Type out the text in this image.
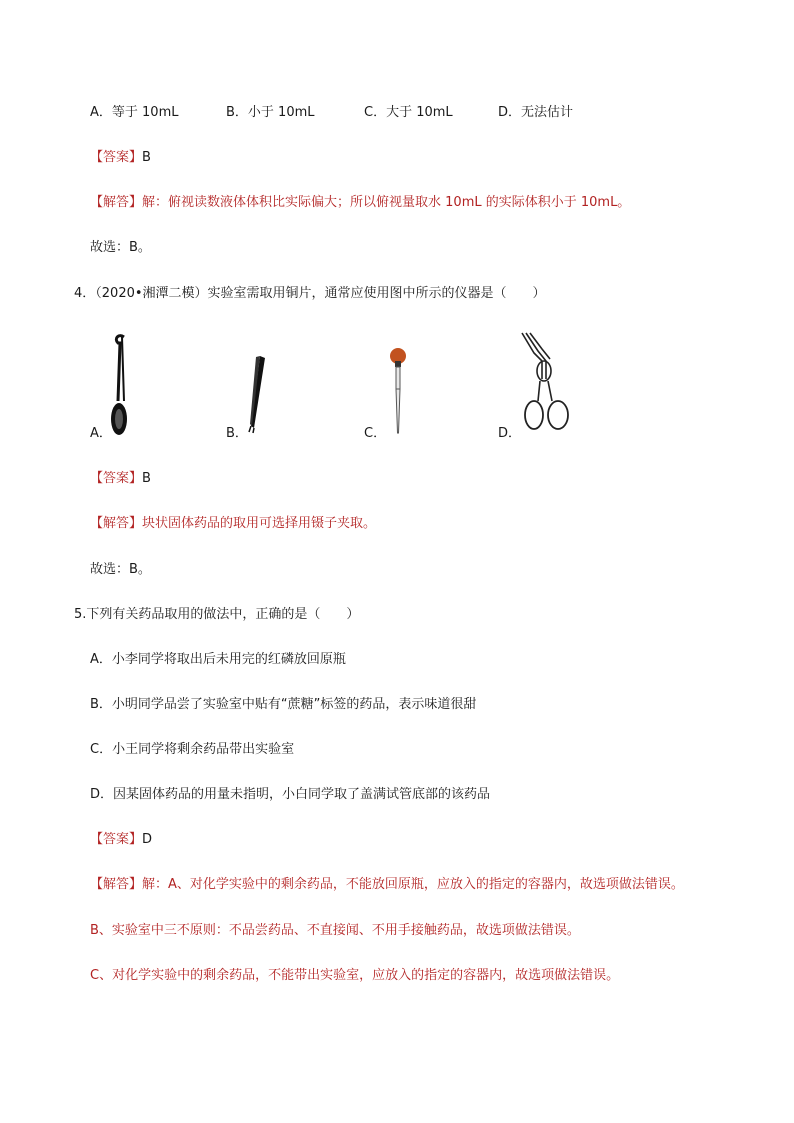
A．等于 10mL	B．小于 10mL	C．大于 10mL	D．无法估计
【答案】B
【解答】解：俯视读数液体体积比实际偏大；所以俯视量取水 10mL 的实际体积小于 10mL。
故选：B。
4．（2020•湘潭二模）实验室需取用铜片，通常应使用图中所示的仪器是（　　）
A．	B．	C．	D．
【答案】B
【解答】块状固体药品的取用可选择用镊子夹取。
故选：B。
5.下列有关药品取用的做法中，正确的是（　　）
A．小李同学将取出后未用完的红磷放回原瓶
B．小明同学品尝了实验室中贴有“蔗糖”标签的药品，表示味道很甜
C．小王同学将剩余药品带出实验室
D．因某固体药品的用量未指明，小白同学取了盖满试管底部的该药品
【答案】D
【解答】解：A、对化学实验中的剩余药品，不能放回原瓶，应放入的指定的容器内，故选项做法错误。
B、实验室中三不原则：不品尝药品、不直接闻、不用手接触药品，故选项做法错误。
C、对化学实验中的剩余药品，不能带出实验室，应放入的指定的容器内，故选项做法错误。
